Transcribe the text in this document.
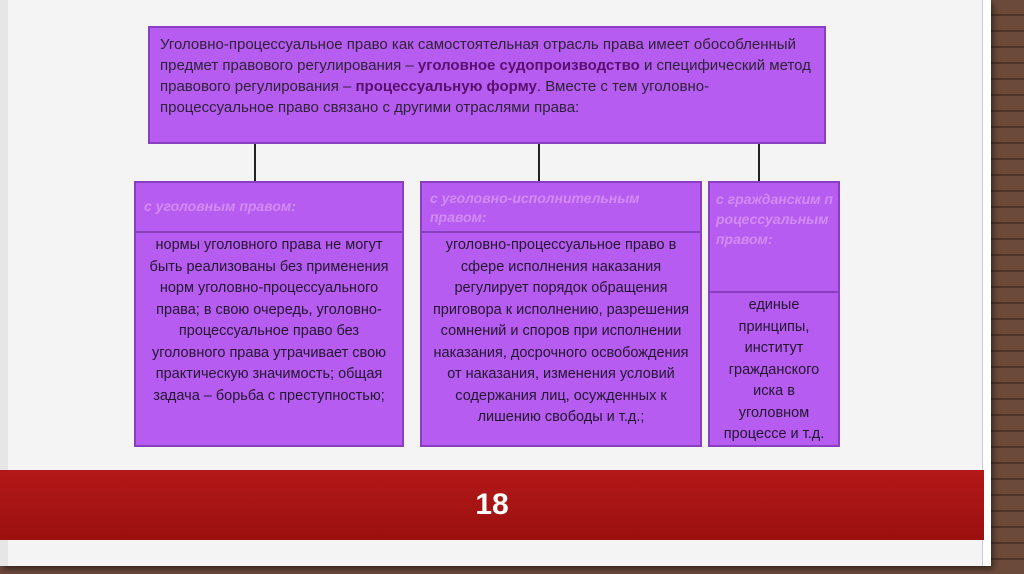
Уголовно-процессуальное право как самостоятельная отрасль права имеет обособленный предмет правового регулирования – уголовное судопроизводство и специфический метод правового регулирования – процессуальную форму. Вместе с тем уголовно-процессуальное право связано с другими отраслями права:
с уголовным правом:
нормы уголовного права не могут быть реализованы без применения норм уголовно-процессуального права; в свою очередь, уголовно-процессуальное право без уголовного права утрачивает свою практическую значимость; общая задача – борьба с преступностью;
с уголовно-исполнительным правом:
уголовно-процессуальное право в сфере исполнения наказания регулирует порядок обращения приговора к исполнению, разрешения сомнений и споров при исполнении наказания, досрочного освобождения от наказания, изменения условий содержания лиц, осужденных к лишению свободы и т.д.;
с гражданским процессуальным правом:
единые принципы, институт гражданского иска в уголовном процессе и т.д.
18
